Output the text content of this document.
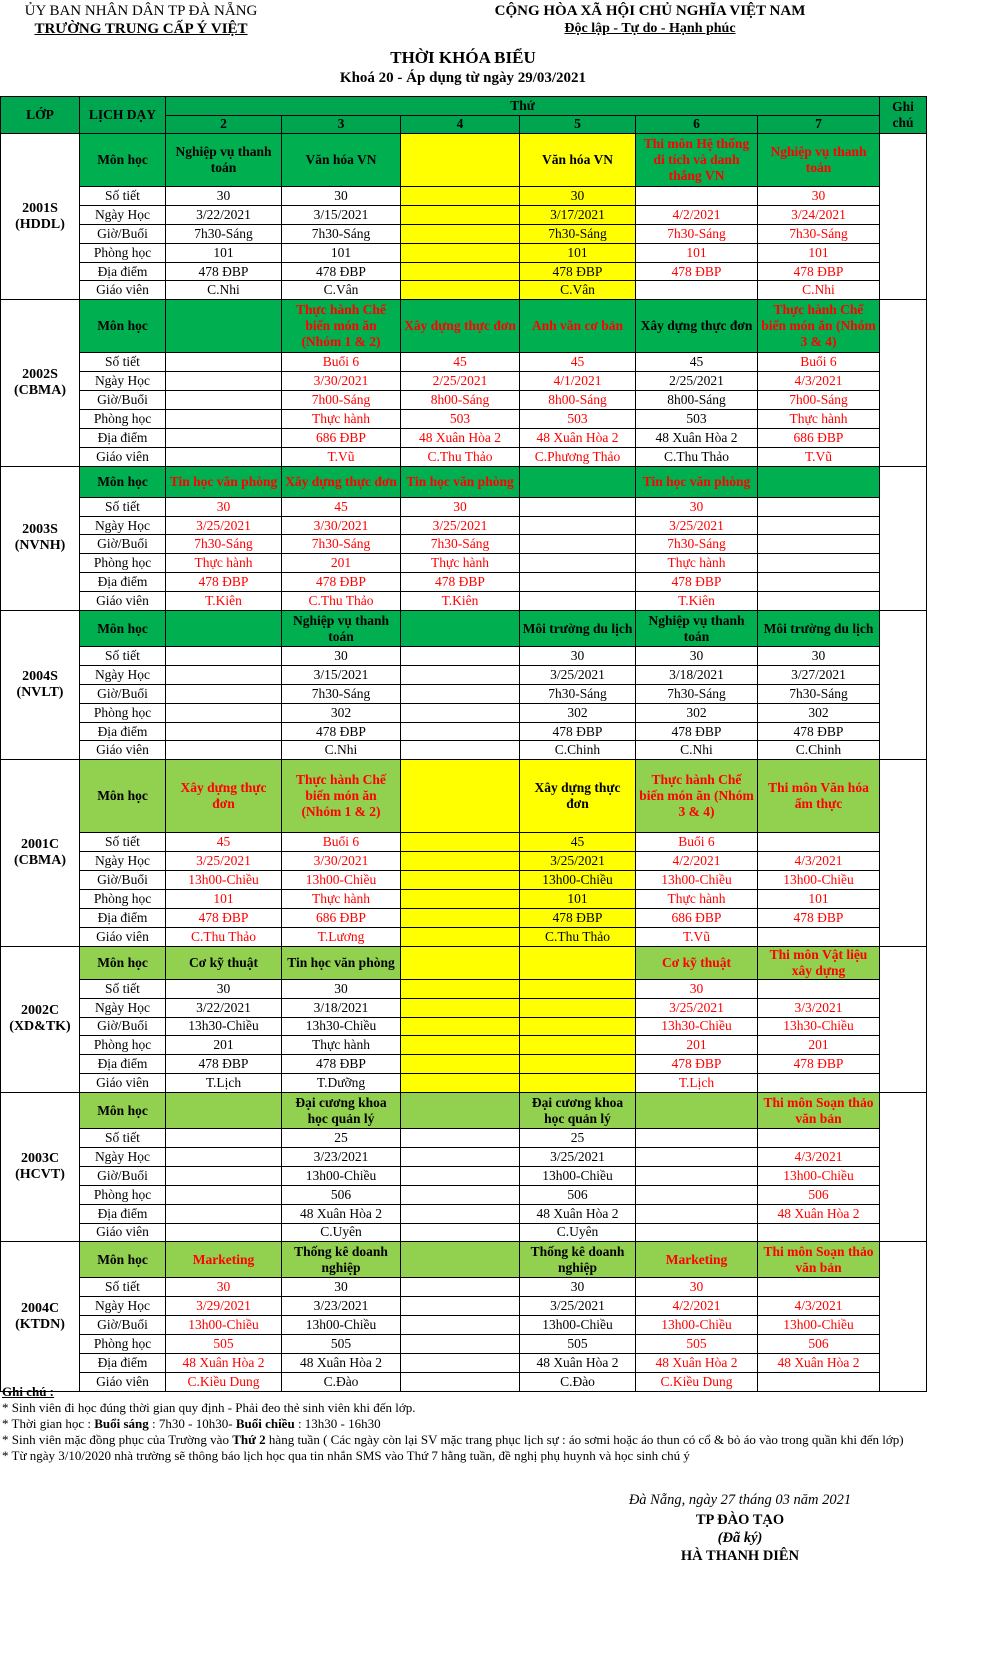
ỦY BAN NHÂN DÂN TP ĐÀ NẴNG
TRƯỜNG TRUNG CẤP Ý VIỆT
CỘNG HÒA XÃ HỘI CHỦ NGHĨA VIỆT NAM
Độc lập - Tự do - Hạnh phúc
THỜI KHÓA BIỂU
Khoá 20 - Áp dụng từ ngày 29/03/2021
LỚP	LỊCH DẠY	Thứ						Ghi chú
		2	3	4	5	6	7	

2001S
(HDDL)	Môn học	Nghiệp vụ thanh toán	Văn hóa VN		Văn hóa VN	Thi môn Hệ thống di tích và danh thắng VN	Nghiệp vụ thanh toán	
	Số tiết	30	30		30		30	
	Ngày Học	3/22/2021	3/15/2021		3/17/2021	4/2/2021	3/24/2021	
	Giờ/Buổi	7h30-Sáng	7h30-Sáng		7h30-Sáng	7h30-Sáng	7h30-Sáng	
	Phòng học	101	101		101	101	101	
	Địa điểm	478 ĐBP	478 ĐBP		478 ĐBP	478 ĐBP	478 ĐBP	
	Giáo viên	C.Nhi	C.Vân		C.Vân		C.Nhi	

2002S
(CBMA)	Môn học		Thực hành Chế biến món ăn (Nhóm 1 & 2)	Xây dựng thực đơn	Anh văn cơ bản	Xây dựng thực đơn	Thực hành Chế biến món ăn (Nhóm 3 & 4)	
	Số tiết		Buổi 6	45	45	45	Buổi 6	
	Ngày Học		3/30/2021	2/25/2021	4/1/2021	2/25/2021	4/3/2021	
	Giờ/Buổi		7h00-Sáng	8h00-Sáng	8h00-Sáng	8h00-Sáng	7h00-Sáng	
	Phòng học		Thực hành	503	503	503	Thực hành	
	Địa điểm		686 ĐBP	48 Xuân Hòa 2	48 Xuân Hòa 2	48 Xuân Hòa 2	686 ĐBP	
	Giáo viên		T.Vũ	C.Thu Thảo	C.Phương Thảo	C.Thu Thảo	T.Vũ	

2003S
(NVNH)	Môn học	Tin học văn phòng	Xây dựng thực đơn	Tin học văn phòng		Tin học văn phòng		
	Số tiết	30	45	30		30		
	Ngày Học	3/25/2021	3/30/2021	3/25/2021		3/25/2021		
	Giờ/Buổi	7h30-Sáng	7h30-Sáng	7h30-Sáng		7h30-Sáng		
	Phòng học	Thực hành	201	Thực hành		Thực hành		
	Địa điểm	478 ĐBP	478 ĐBP	478 ĐBP		478 ĐBP		
	Giáo viên	T.Kiên	C.Thu Thảo	T.Kiên		T.Kiên		

2004S
(NVLT)	Môn học		Nghiệp vụ thanh toán		Môi trường du lịch	Nghiệp vụ thanh toán	Môi trường du lịch	
	Số tiết		30		30	30	30	
	Ngày Học		3/15/2021		3/25/2021	3/18/2021	3/27/2021	
	Giờ/Buổi		7h30-Sáng		7h30-Sáng	7h30-Sáng	7h30-Sáng	
	Phòng học		302		302	302	302	
	Địa điểm		478 ĐBP		478 ĐBP	478 ĐBP	478 ĐBP	
	Giáo viên		C.Nhi		C.Chinh	C.Nhi	C.Chinh	

2001C
(CBMA)	Môn học	Xây dựng thực đơn	Thực hành Chế biến món ăn (Nhóm 1 & 2)		Xây dựng thực đơn	Thực hành Chế biến món ăn (Nhóm 3 & 4)	Thi môn Văn hóa ẩm thực	
	Số tiết	45	Buổi 6		45	Buổi 6		
	Ngày Học	3/25/2021	3/30/2021		3/25/2021	4/2/2021	4/3/2021	
	Giờ/Buổi	13h00-Chiều	13h00-Chiều		13h00-Chiều	13h00-Chiều	13h00-Chiều	
	Phòng học	101	Thực hành		101	Thực hành	101	
	Địa điểm	478 ĐBP	686 ĐBP		478 ĐBP	686 ĐBP	478 ĐBP	
	Giáo viên	C.Thu Thảo	T.Lương		C.Thu Thảo	T.Vũ		

2002C
(XD&TK)	Môn học	Cơ kỹ thuật	Tin học văn phòng			Cơ kỹ thuật	Thi môn Vật liệu xây dựng	
	Số tiết	30	30			30		
	Ngày Học	3/22/2021	3/18/2021			3/25/2021	3/3/2021	
	Giờ/Buổi	13h30-Chiều	13h30-Chiều			13h30-Chiều	13h30-Chiều	
	Phòng học	201	Thực hành			201	201	
	Địa điểm	478 ĐBP	478 ĐBP			478 ĐBP	478 ĐBP	
	Giáo viên	T.Lịch	T.Dưỡng			T.Lịch		

2003C
(HCVT)	Môn học		Đại cương khoa học quản lý		Đại cương khoa học quản lý		Thi môn Soạn thảo văn bản	
	Số tiết		25		25			
	Ngày Học		3/23/2021		3/25/2021		4/3/2021	
	Giờ/Buổi		13h00-Chiều		13h00-Chiều		13h00-Chiều	
	Phòng học		506		506		506	
	Địa điểm		48 Xuân Hòa 2		48 Xuân Hòa 2		48 Xuân Hòa 2	
	Giáo viên		C.Uyên		C.Uyên			

2004C
(KTDN)	Môn học	Marketing	Thống kê doanh nghiệp		Thống kê doanh nghiệp	Marketing	Thi môn Soạn thảo văn bản	
	Số tiết	30	30		30	30		
	Ngày Học	3/29/2021	3/23/2021		3/25/2021	4/2/2021	4/3/2021	
	Giờ/Buổi	13h00-Chiều	13h00-Chiều		13h00-Chiều	13h00-Chiều	13h00-Chiều	
	Phòng học	505	505		505	505	506	
	Địa điểm	48 Xuân Hòa 2	48 Xuân Hòa 2		48 Xuân Hòa 2	48 Xuân Hòa 2	48 Xuân Hòa 2	
	Giáo viên	C.Kiều Dung	C.Đào		C.Đào	C.Kiều Dung		
Ghi chú :
* Sinh viên đi học đúng thời gian quy định - Phải đeo thẻ sinh viên khi đến lớp.
* Thời gian học : Buổi sáng : 7h30 - 10h30- Buổi chiều : 13h30 - 16h30
* Sinh viên mặc đồng phục của Trường vào Thứ 2 hàng tuần ( Các ngày còn lại SV mặc trang phục lịch sự : áo sơmi hoặc áo thun có cổ & bỏ áo vào trong quần khi đến lớp)
* Từ ngày 3/10/2020 nhà trường sẽ thông báo lịch học qua tin nhắn SMS vào Thứ 7 hằng tuần, đề nghị phụ huynh và học sinh chú ý
Đà Nẵng, ngày 27 tháng 03 năm 2021
TP ĐÀO TẠO
(Đã ký)
HÀ THANH DIÊN
